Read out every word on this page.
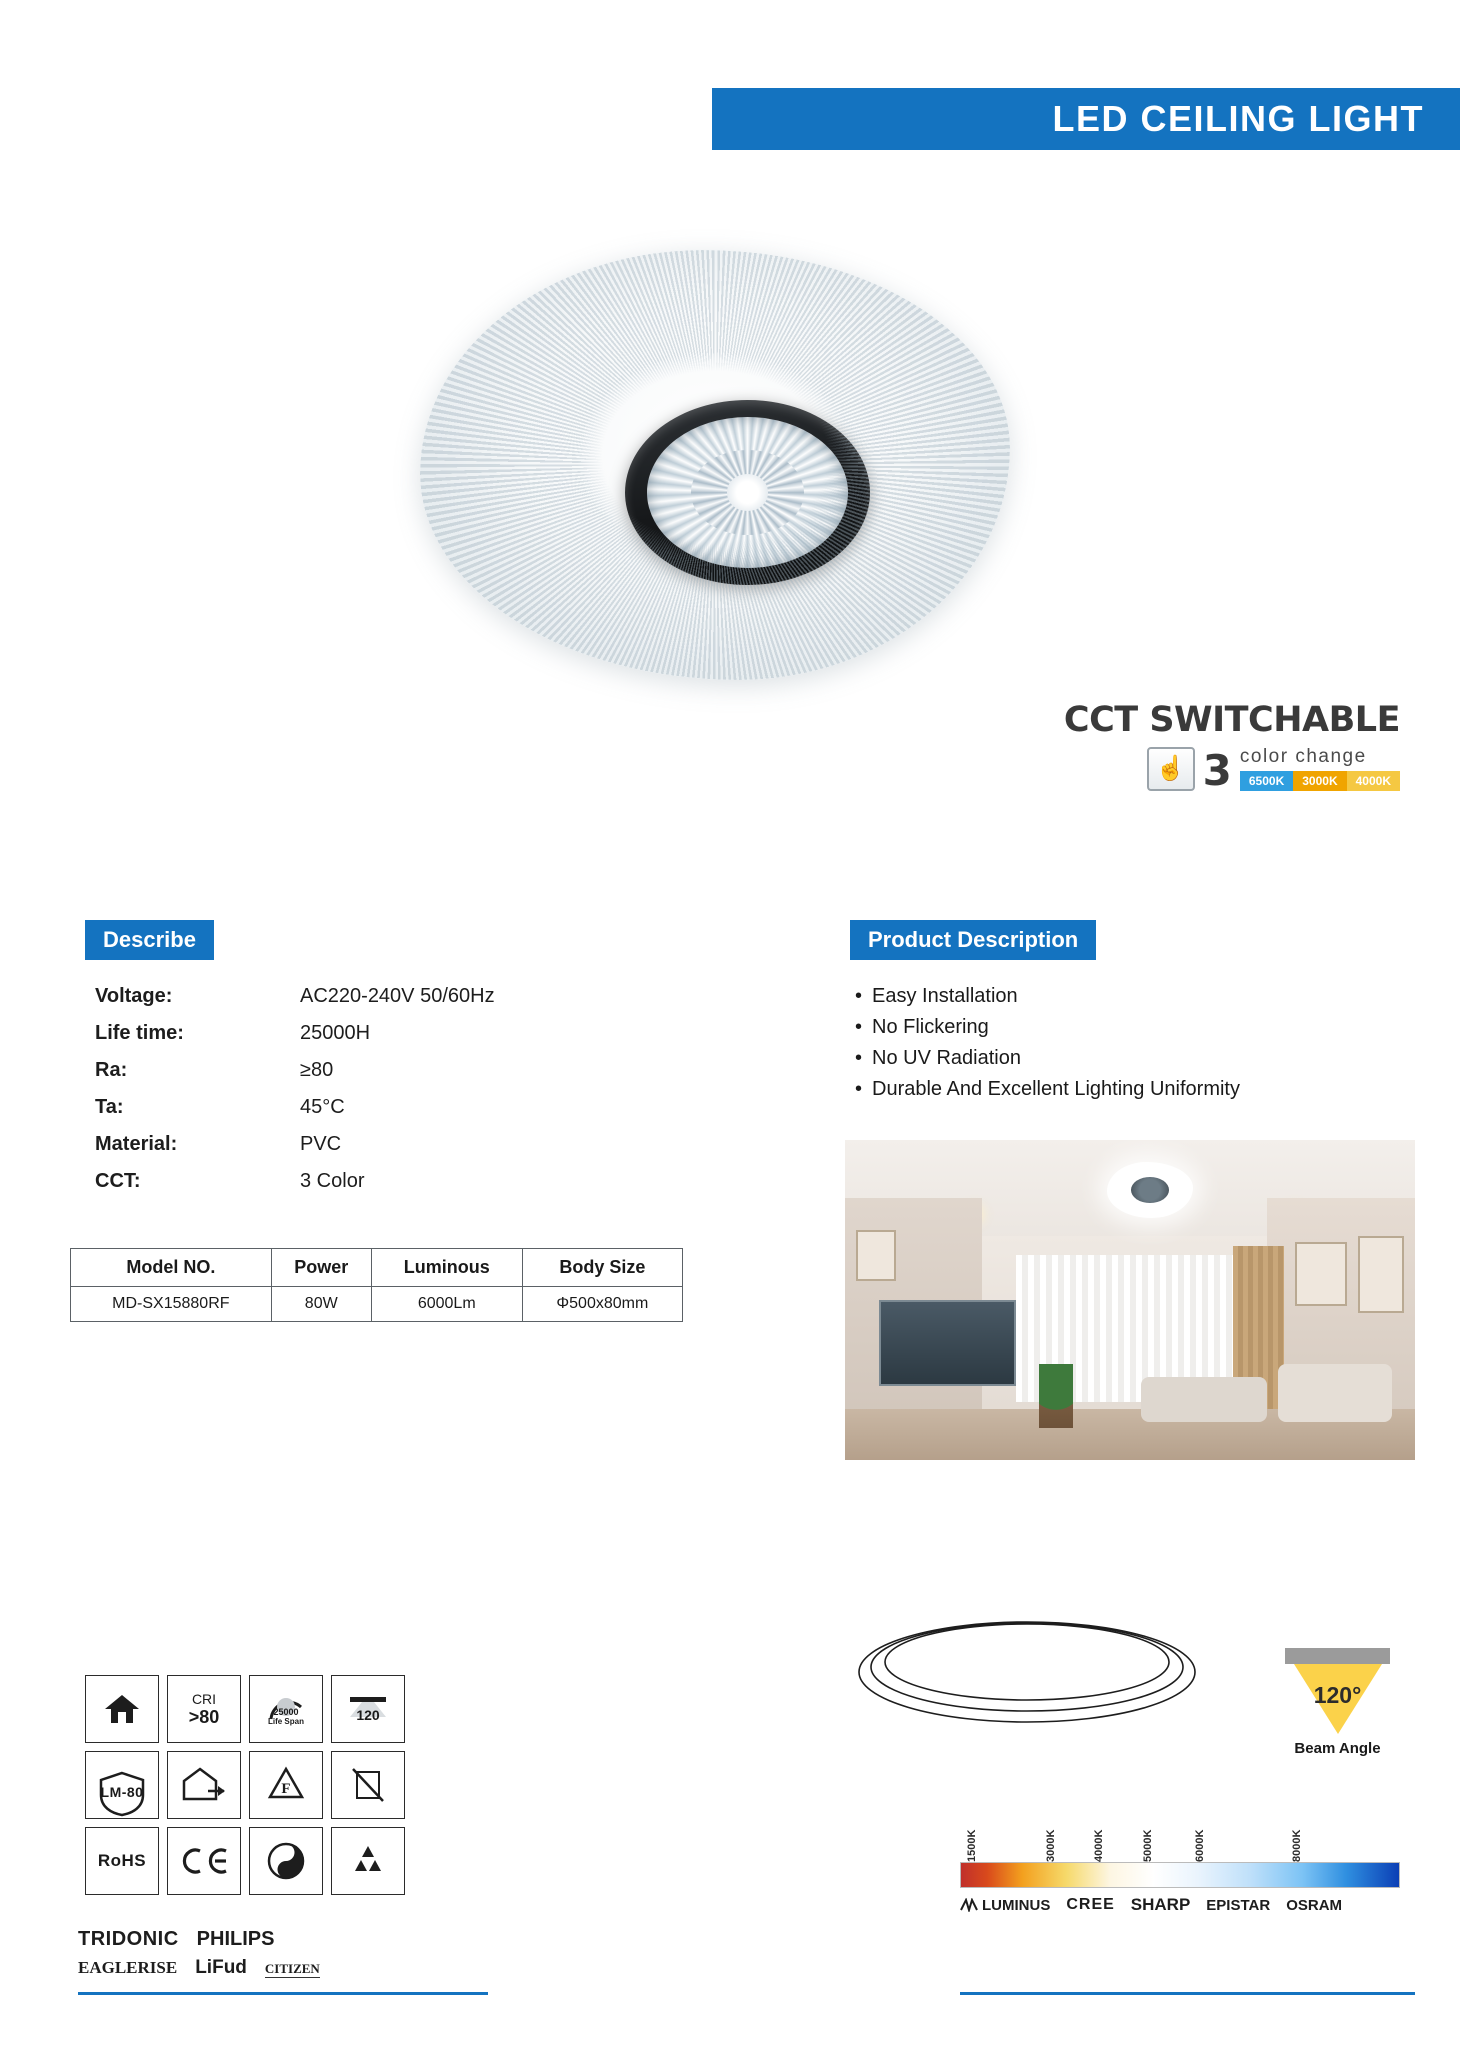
LED CEILING LIGHT
CCT SWITCHABLE
☝ 3 color change
6500K	3000K	4000K
Describe
Voltage:	AC220-240V 50/60Hz
Life time:	25000H
Ra:	≥80
Ta:	45°C
Material:	PVC
CCT:	3 Color
Model NO.	Power	Luminous	Body Size
MD-SX15880RF	80W	6000Lm	Φ500x80mm
Product Description
• Easy Installation
• No Flickering
• No UV Radiation
• Durable And Excellent Lighting Uniformity
CRI
>80	25000
Life Span	120
LM-80	F
RoHS
TRIDONIC PHILIPS
EAGLERISE LiFud CITIZEN
120°
Beam Angle
1500K	3000K	4000K	5000K	6000K	8000K
LUMINUS CREE SHARP EPISTAR OSRAM
